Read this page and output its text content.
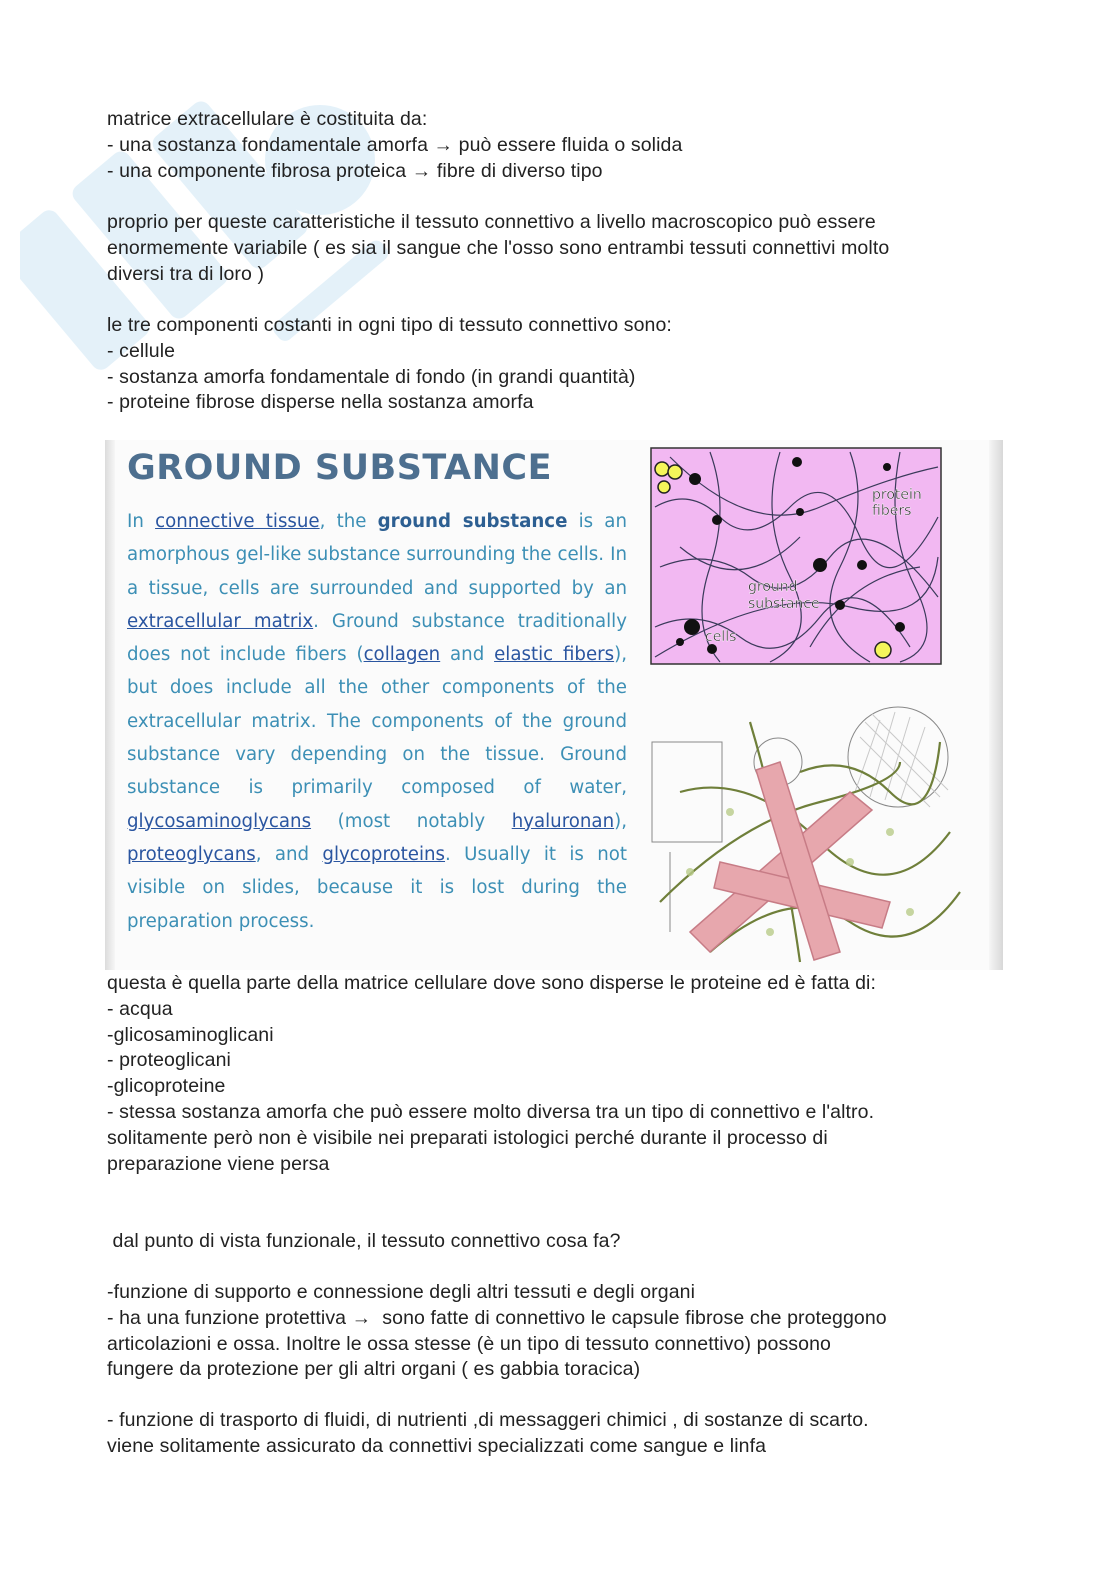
matrice extracellulare è costituita da:

- una sostanza fondamentale amorfa → può essere fluida o solida

- una componente fibrosa proteica → fibre di diverso tipo

proprio per queste caratteristiche il tessuto connettivo a livello macroscopico può essere

enormemente variabile ( es sia il sangue che l'osso sono entrambi tessuti connettivi molto

diversi tra di loro )

le tre componenti costanti in ogni tipo di tessuto connettivo sono:

- cellule

- sostanza amorfa fondamentale di fondo (in grandi quantità)

- proteine fibrose disperse nella sostanza amorfa

GROUND SUBSTANCE
In connective tissue, the ground substance is an amorphous gel-like substance surrounding the cells. In a tissue, cells are surrounded and supported by an extracellular matrix. Ground substance traditionally does not include fibers (collagen and elastic fibers), but does include all the other components of the extracellular matrix. The components of the ground substance vary depending on the tissue. Ground substance is primarily composed of water, glycosaminoglycans (most notably hyaluronan), proteoglycans, and glycoproteins. Usually it is not visible on slides, because it is lost during the preparation process.
protein
fibers
ground
substance
cells

questa è quella parte della matrice cellulare dove sono disperse le proteine ed è fatta di:

- acqua

-glicosaminoglicani

- proteoglicani

-glicoproteine

- stessa sostanza amorfa che può essere molto diversa tra un tipo di connettivo e l'altro.

solitamente però non è visibile nei preparati istologici perché durante il processo di

preparazione viene persa

dal punto di vista funzionale, il tessuto connettivo cosa fa?

-funzione di supporto e connessione degli altri tessuti e degli organi

- ha una funzione protettiva →  sono fatte di connettivo le capsule fibrose che proteggono

articolazioni e ossa. Inoltre le ossa stesse (è un tipo di tessuto connettivo) possono

fungere da protezione per gli altri organi ( es gabbia toracica)

- funzione di trasporto di fluidi, di nutrienti ,di messaggeri chimici , di sostanze di scarto.

viene solitamente assicurato da connettivi specializzati come sangue e linfa
